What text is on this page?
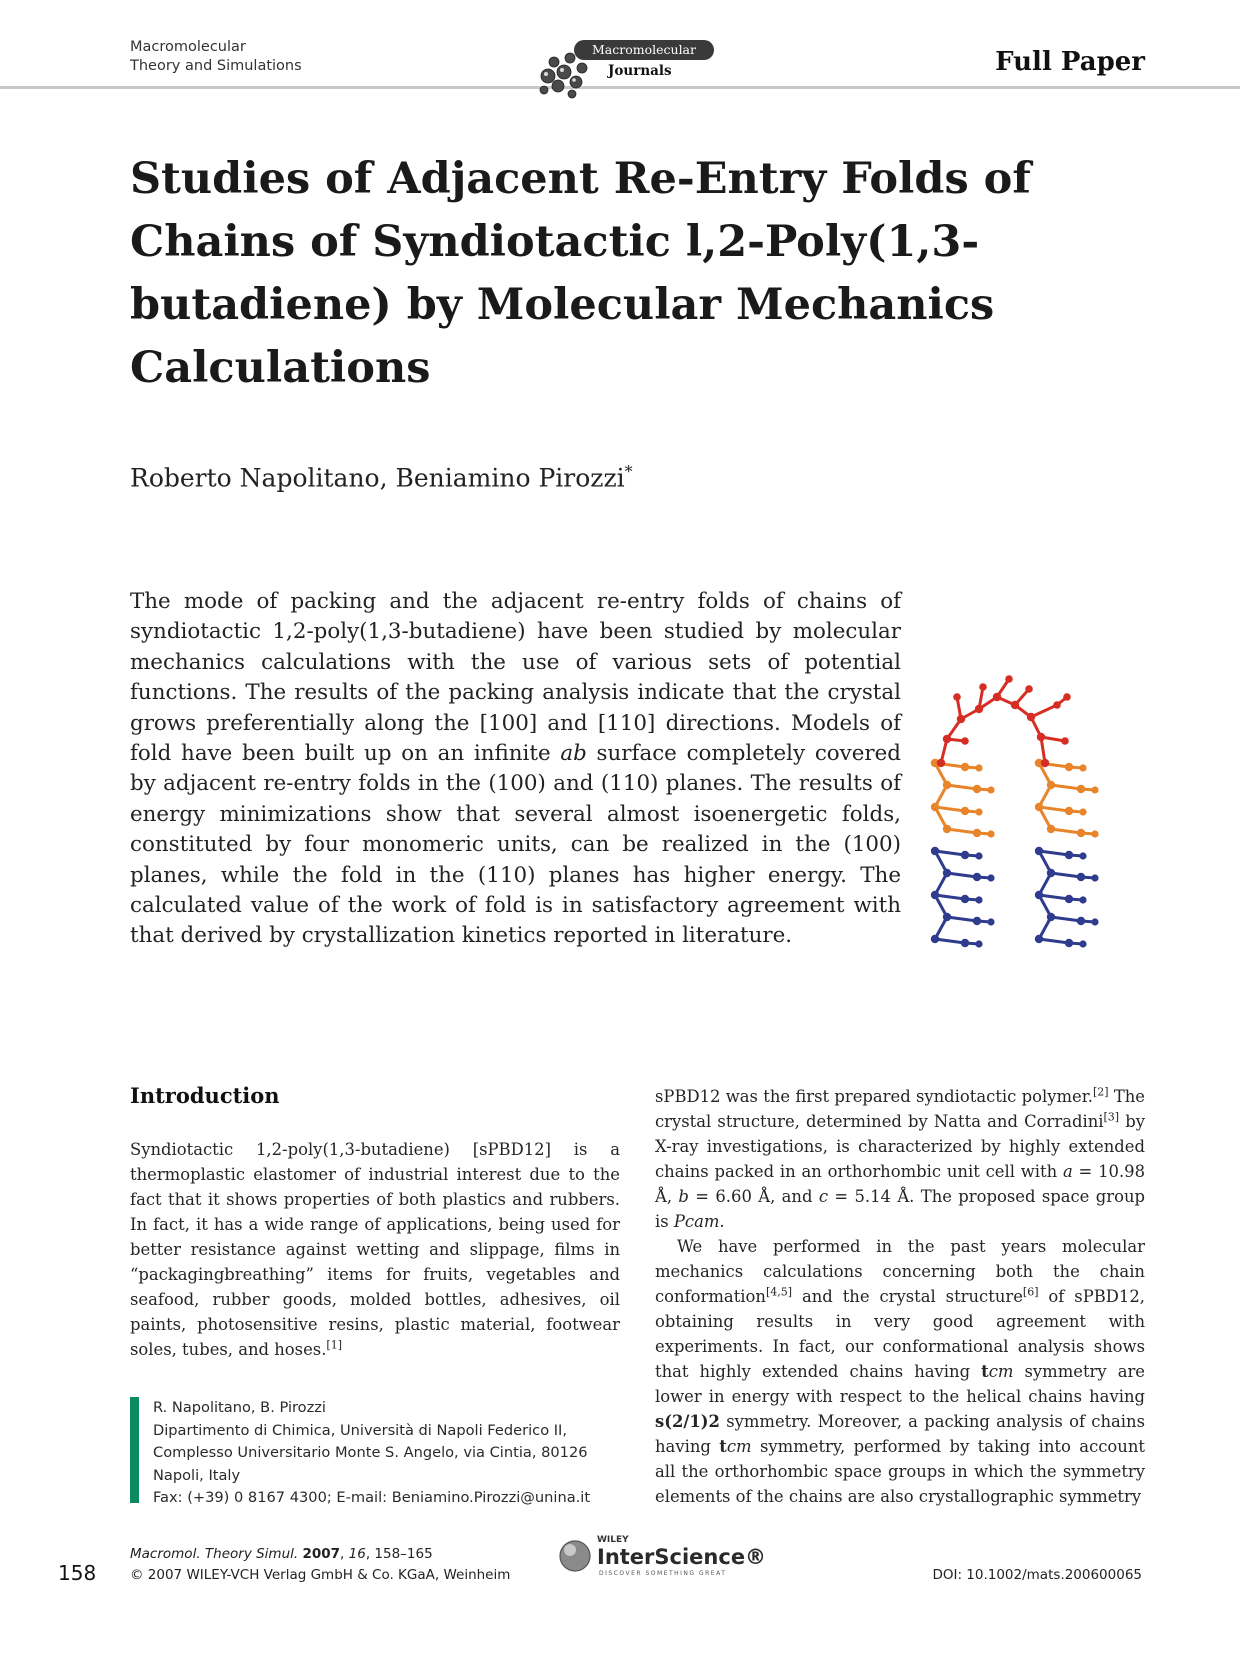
Macromolecular
Theory and Simulations
Macromolecular
Journals	Full Paper
Studies of Adjacent Re-Entry Folds of Chains of Syndiotactic l,2-Poly(1,3-butadiene) by Molecular Mechanics Calculations
Roberto Napolitano, Beniamino Pirozzi*
The mode of packing and the adjacent re-entry folds of chains of syndiotactic 1,2-poly(1,3-butadiene) have been studied by molecular mechanics calculations with the use of various sets of potential functions. The results of the packing analysis indicate that the crystal grows preferentially along the [100] and [110] directions. Models of fold have been built up on an infinite ab surface completely covered by adjacent re-entry folds in the (100) and (110) planes. The results of energy minimizations show that several almost isoenergetic folds, constituted by four monomeric units, can be realized in the (100) planes, while the fold in the (110) planes has higher energy. The calculated value of the work of fold is in satisfactory agreement with that derived by crystallization kinetics reported in literature.
Introduction

Syndiotactic 1,2-poly(1,3-butadiene) [sPBD12] is a thermoplastic elastomer of industrial interest due to the fact that it shows properties of both plastics and rubbers. In fact, it has a wide range of applications, being used for better resistance against wetting and slippage, films in “packagingbreathing” items for fruits, vegetables and seafood, rubber goods, molded bottles, adhesives, oil paints, photosensitive resins, plastic material, footwear soles, tubes, and hoses.[1]

R. Napolitano, B. Pirozzi
Dipartimento di Chimica, Università di Napoli Federico II, Complesso Universitario Monte S. Angelo, via Cintia, 80126 Napoli, Italy
Fax: (+39) 0 8167 4300; E-mail: Beniamino.Pirozzi@unina.it

sPBD12 was the first prepared syndiotactic polymer.[2] The crystal structure, determined by Natta and Corradini[3] by X-ray investigations, is characterized by highly extended chains packed in an orthorhombic unit cell with a = 10.98 Å, b = 6.60 Å, and c = 5.14 Å. The proposed space group is Pcam.

We have performed in the past years molecular mechanics calculations concerning both the chain conformation[4,5] and the crystal structure[6] of sPBD12, obtaining results in very good agreement with experiments. In fact, our conformational analysis shows that highly extended chains having tcm symmetry are lower in energy with respect to the helical chains having s(2/1)2 symmetry. Moreover, a packing analysis of chains having tcm symmetry, performed by taking into account all the orthorhombic space groups in which the symmetry elements of the chains are also crystallographic symmetry

158
Macromol. Theory Simul. 2007, 16, 158–165
© 2007 WILEY-VCH Verlag GmbH & Co. KGaA, Weinheim
WILEY
InterScience®
DISCOVER SOMETHING GREAT	DOI: 10.1002/mats.200600065
